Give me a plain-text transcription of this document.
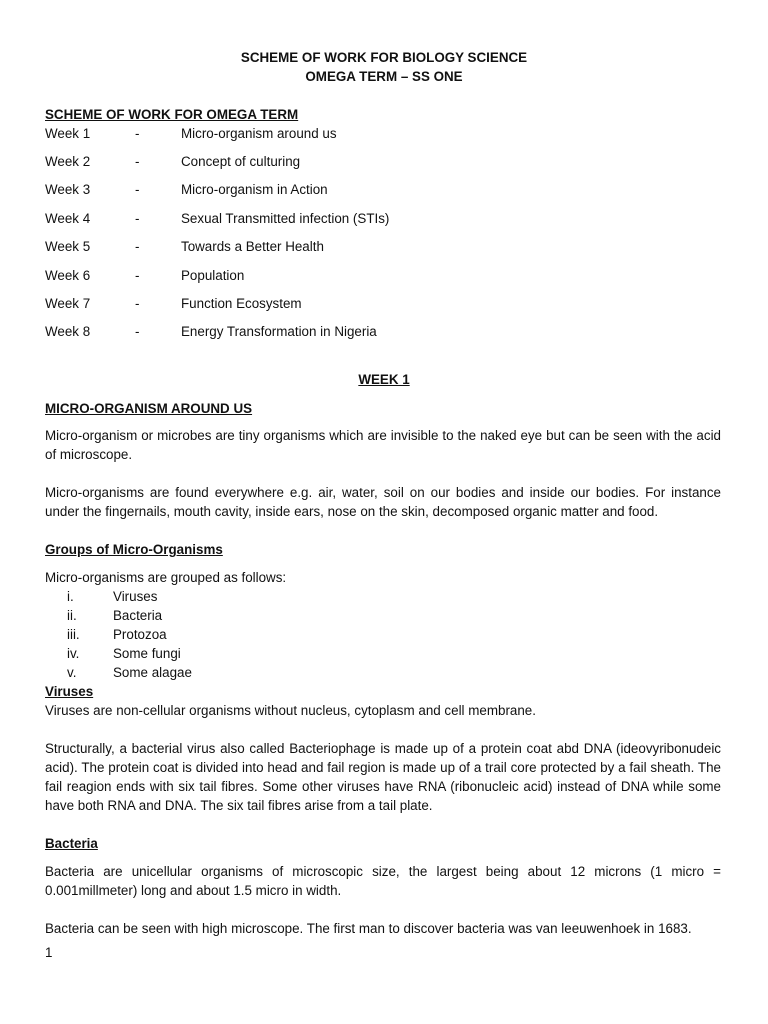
SCHEME OF WORK FOR BIOLOGY SCIENCE
OMEGA TERM – SS ONE
SCHEME OF WORK FOR OMEGA TERM
Week 1	-	Micro-organism around us
Week 2	-	Concept of culturing
Week 3	-	Micro-organism in Action
Week 4	-	Sexual Transmitted infection (STIs)
Week 5	-	Towards a Better Health
Week 6	-	Population
Week 7	-	Function Ecosystem
Week 8	-	Energy Transformation in Nigeria
WEEK 1
MICRO-ORGANISM AROUND US

Micro-organism or microbes are tiny organisms which are invisible to the naked eye but can be seen with the acid of microscope.

Micro-organisms are found everywhere e.g. air, water, soil on our bodies and inside our bodies. For instance under the fingernails, mouth cavity, inside ears, nose on the skin, decomposed organic matter and food.

Groups of Micro-Organisms
Micro-organisms are grouped as follows:
i.	Viruses
ii.	Bacteria
iii. Protozoa
iv.	Some fungi
v.	Some alagae
Viruses

Viruses are non-cellular organisms without nucleus, cytoplasm and cell membrane.

Structurally, a bacterial virus also called Bacteriophage is made up of a protein coat abd DNA (ideovyribonudeic acid). The protein coat is divided into head and fail region is made up of a trail core protected by a fail sheath. The fail reagion ends with six tail fibres. Some other viruses have RNA (ribonucleic acid) instead of DNA while some have both RNA and DNA. The six tail fibres arise from a tail plate.

Bacteria

Bacteria are unicellular organisms of microscopic size, the largest being about 12 microns (1 micro = 0.001millmeter) long and about 1.5 micro in width.

Bacteria can be seen with high microscope. The first man to discover bacteria was van leeuwenhoek in 1683.

1
